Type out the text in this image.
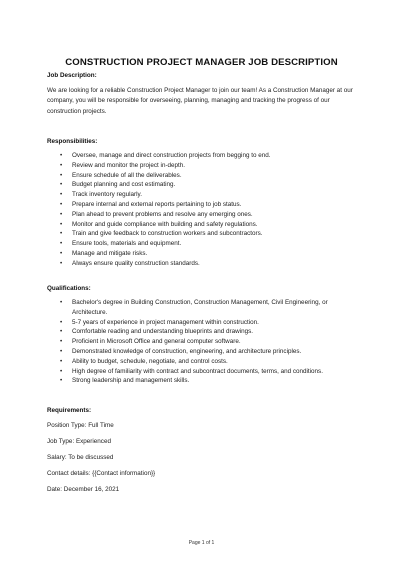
CONSTRUCTION PROJECT MANAGER JOB DESCRIPTION
Job Description:
We are looking for a reliable Construction Project Manager to join our team! As a Construction Manager at our company, you will be responsible for overseeing, planning, managing and tracking the progress of our construction projects.
Responsibilities:
• Oversee, manage and direct construction projects from begging to end.
• Review and monitor the project in-depth.
• Ensure schedule of all the deliverables.
• Budget planning and cost estimating.
• Track inventory regularly.
• Prepare internal and external reports pertaining to job status.
• Plan ahead to prevent problems and resolve any emerging ones.
• Monitor and guide compliance with building and safety regulations.
• Train and give feedback to construction workers and subcontractors.
• Ensure tools, materials and equipment.
• Manage and mitigate risks.
• Always ensure quality construction standards.
Qualifications:
• Bachelor's degree in Building Construction, Construction Management, Civil Engineering, or Architecture.
• 5-7 years of experience in project management within construction.
• Comfortable reading and understanding blueprints and drawings.
• Proficient in Microsoft Office and general computer software.
• Demonstrated knowledge of construction, engineering, and architecture principles.
• Ability to budget, schedule, negotiate, and control costs.
• High degree of familiarity with contract and subcontract documents, terms, and conditions.
• Strong leadership and management skills.
Requirements:
Position Type: Full Time
Job Type: Experienced
Salary: To be discussed
Contact details: {{Contact information}}
Date: December 16, 2021
Page 1 of 1
